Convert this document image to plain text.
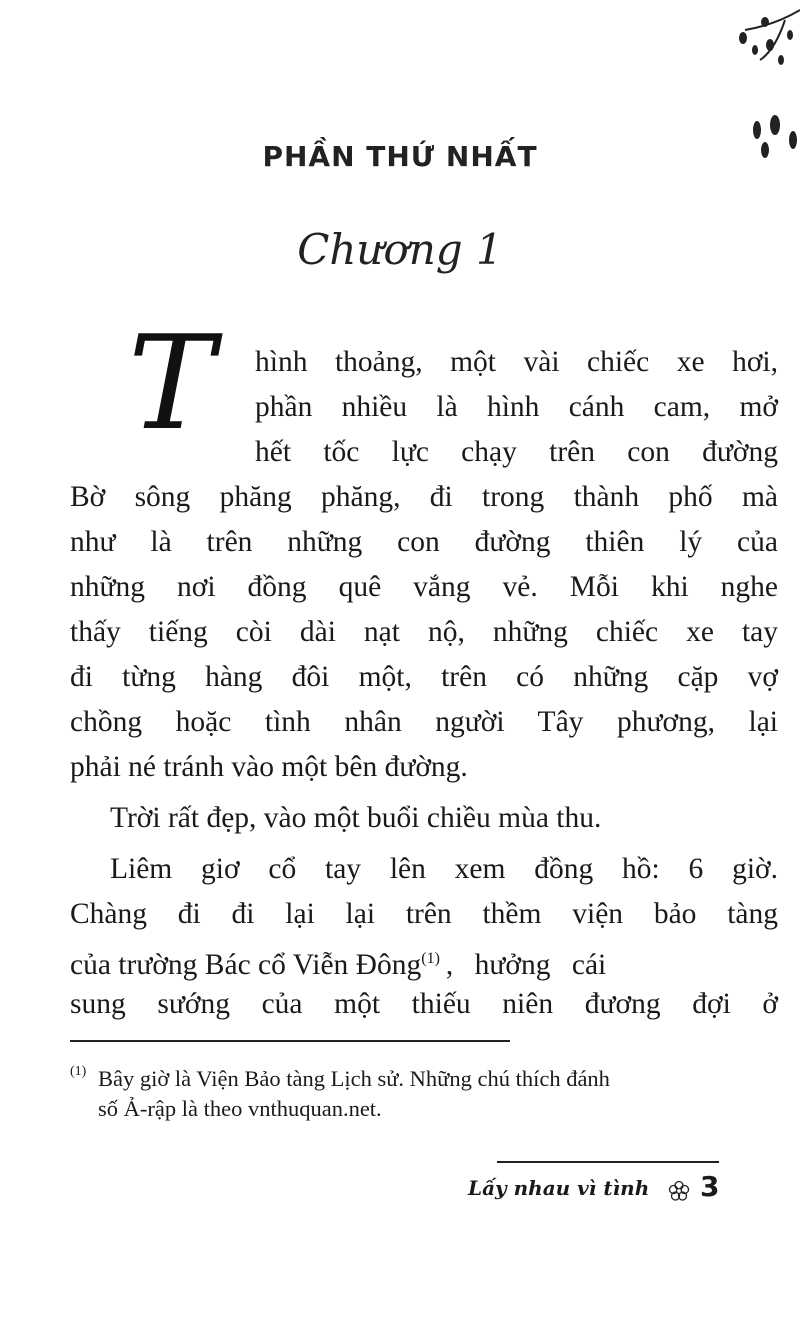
PHẦN THỨ NHẤT
Chương 1
T hình thoảng, một vài chiếc xe hơi,
phần nhiều là hình cánh cam, mở
hết tốc lực chạy trên con đường
Bờ sông phăng phăng, đi trong thành phố mà
như là trên những con đường thiên lý của
những nơi đồng quê vắng vẻ. Mỗi khi nghe
thấy tiếng còi dài nạt nộ, những chiếc xe tay
đi từng hàng đôi một, trên có những cặp vợ
chồng hoặc tình nhân người Tây phương, lại
phải né tránh vào một bên đường.
Trời rất đẹp, vào một buổi chiều mùa thu.
Liêm giơ cổ tay lên xem đồng hồ: 6 giờ.
Chàng đi đi lại lại trên thềm viện bảo tàng
của trường Bác cổ Viễn Đông$^{(1)}$ , hưởng cái
sung sướng của một thiếu niên đương đợi ở
(1) Bây giờ là Viện Bảo tàng Lịch sử. Những chú thích đánh
số Ả-rập là theo vnthuquan.net.
Lấy nhau vì tình 3
